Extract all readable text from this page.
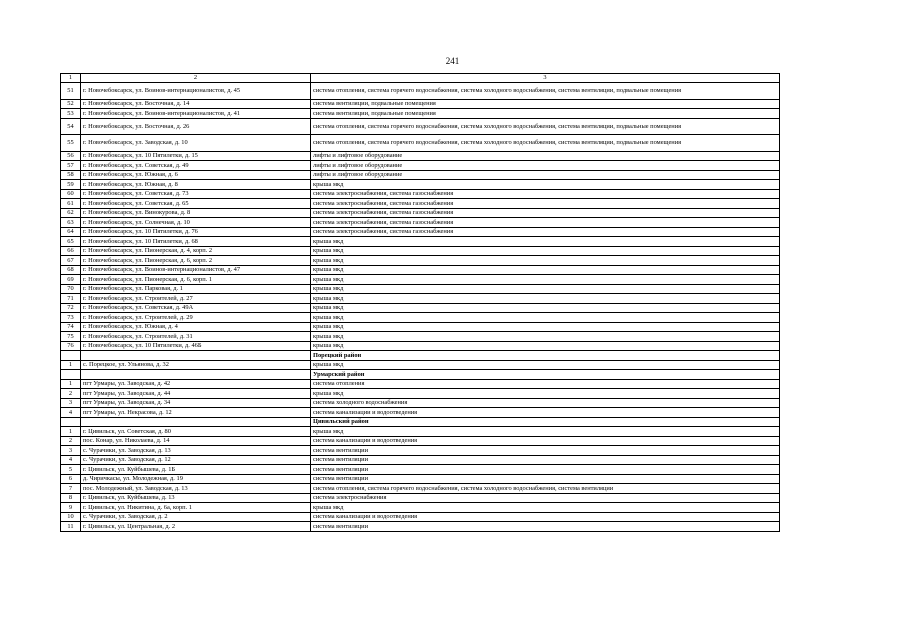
241
1	2	3
51	г. Новочебоксарск, ул. Воинов-интернационалистов, д. 45	система отопления, система горячего водоснабжения, система холодного водоснабжения, система вентиляции, подвальные помещения
52	г. Новочебоксарск, ул. Восточная, д. 14	система вентиляции, подвальные помещения
53	г. Новочебоксарск, ул. Воинов-интернационалистов, д. 41	система вентиляции, подвальные помещения
54	г. Новочебоксарск, ул. Восточная, д. 26	система отопления, система горячего водоснабжения, система холодного водоснабжения, система вентиляции, подвальные помещения
55	г. Новочебоксарск, ул. Заводская, д. 10	система отопления, система горячего водоснабжения, система холодного водоснабжения, система вентиляции, подвальные помещения
56	г. Новочебоксарск, ул. 10 Пятилетки, д. 15	лифты и лифтовое оборудование
57	г. Новочебоксарск, ул. Советская, д. 49	лифты и лифтовое оборудование
58	г. Новочебоксарск, ул. Южная, д. 6	лифты и лифтовое оборудование
59	г. Новочебоксарск, ул. Южная, д. 8	крыша мкд
60	г. Новочебоксарск, ул. Советская, д. 73	система электроснабжения, система газоснабжения
61	г. Новочебоксарск, ул. Советская, д. 65	система электроснабжения, система газоснабжения
62	г. Новочебоксарск, ул. Винокурова, д. 8	система электроснабжения, система газоснабжения
63	г. Новочебоксарск, ул. Солнечная, д. 10	система электроснабжения, система газоснабжения
64	г. Новочебоксарск, ул. 10 Пятилетки, д. 76	система электроснабжения, система газоснабжения
65	г. Новочебоксарск, ул. 10 Пятилетки, д. 68	крыша мкд
66	г. Новочебоксарск, ул. Пионерская, д. 4, корп. 2	крыша мкд
67	г. Новочебоксарск, ул. Пионерская, д. 6, корп. 2	крыша мкд
68	г. Новочебоксарск, ул. Воинов-интернационалистов, д. 47	крыша мкд
69	г. Новочебоксарск, ул. Пионерская, д. 6, корп. 1	крыша мкд
70	г. Новочебоксарск, ул. Парковая, д. 1	крыша мкд
71	г. Новочебоксарск, ул. Строителей, д. 27	крыша мкд
72	г. Новочебоксарск, ул. Советская, д. 49А	крыша мкд
73	г. Новочебоксарск, ул. Строителей, д. 29	крыша мкд
74	г. Новочебоксарск, ул. Южная, д. 4	крыша мкд
75	г. Новочебоксарск, ул. Строителей, д. 31	крыша мкд
76	г. Новочебоксарск, ул. 10 Пятилетки, д. 46Б	крыша мкд
		Порецкий район
1	с. Порецкое, ул. Ульянова, д. 32	крыша мкд
		Урмарский район
1	пгт Урмары, ул. Заводская, д. 42	система отопления
2	пгт Урмары, ул. Заводская, д. 44	крыша мкд
3	пгт Урмары, ул. Заводская, д. 34	система холодного водоснабжения
4	пгт Урмары, ул. Некрасова, д. 12	система канализации и водоотведения
		Цивильский район
1	г. Цивильск, ул. Советская, д. 80	крыша мкд
2	пос. Конар, ул. Николаева, д. 14	система канализации и водоотведения
3	с. Чурачики, ул. Заводская, д. 13	система вентиляции
4	с. Чурачики, ул. Заводская, д. 12	система вентиляции
5	г. Цивильск, ул. Куйбышева, д. 1Б	система вентиляции
6	д. Чиричкасы, ул. Молодежная, д. 19	система вентиляции
7	пос. Молодежный, ул. Заводская, д. 13	система отопления, система горячего водоснабжения, система холодного водоснабжения, система вентиляции
8	г. Цивильск, ул. Куйбышева, д. 13	система электроснабжения
9	г. Цивильск, ул. Никитина, д. 6а, корп. 1	крыша мкд
10	с. Чурачики, ул. Заводская, д. 2	система канализации и водоотведения
11	г. Цивильск, ул. Центральная, д. 2	система вентиляции
